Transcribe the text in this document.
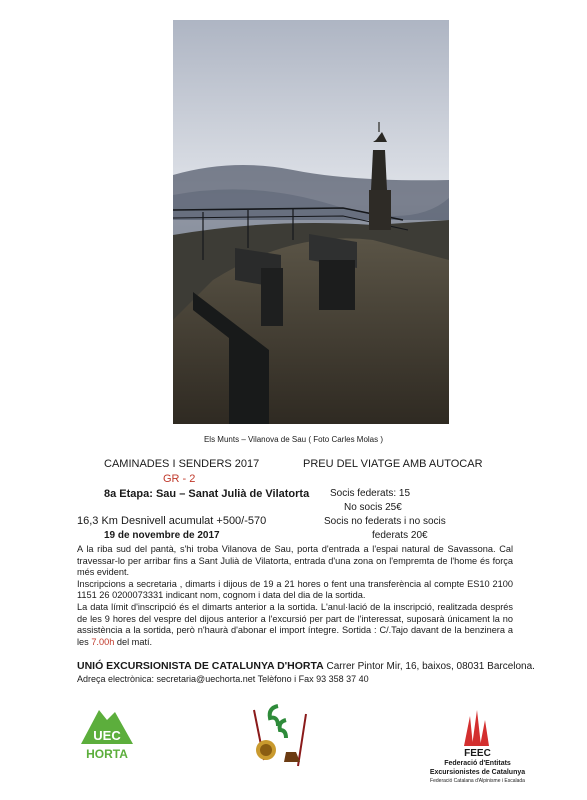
Els Munts – Vilanova de Sau ( Foto Carles Molas )
CAMINADES I SENDERS 2017
GR - 2
8a Etapa: Sau – Sanat Julià de Vilatorta
16,3 Km Desnivell acumulat +500/-570
19 de novembre de 2017
PREU DEL VIATGE AMB AUTOCAR
Socis federats: 15
No socis 25€
Socis no federats i no socis
federats 20€

A la riba sud del pantà, s'hi troba Vilanova de Sau, porta d'entrada a l'espai natural de Savassona. Cal travessar-lo per arribar fins a Sant Julià de Vilatorta, entrada d'una zona on l'empremta de l'home és força més evident.

Inscripcions a secretaria , dimarts i dijous de 19 a 21 hores o fent una transferència al compte ES10 2100 1151 26 0200073331 indicant nom, cognom i data del dia de la sortida.

La data límit d'inscripció és el dimarts anterior a la sortida. L'anul·lació de la inscripció, realitzada després de les 9 hores del vespre del dijous anterior a l'excursió per part de l'interessat, suposarà únicament la no assistència a la sortida, però n'haurà d'abonar el import íntegre. Sortida : C/.Tajo davant de la benzinera a les 7.00h del matí.

UNIÓ EXCURSIONISTA DE CATALUNYA D'HORTA Carrer Pintor Mir, 16, baixos, 08031 Barcelona.
Adreça electrònica: secretaria@uechorta.net Telèfono i Fax 93 358 37 40
UEC
HORTA	FEEC
Federació d'Entitats
Excursionistes de Catalunya
Federació Catalana d'Alpinisme i Escalada
